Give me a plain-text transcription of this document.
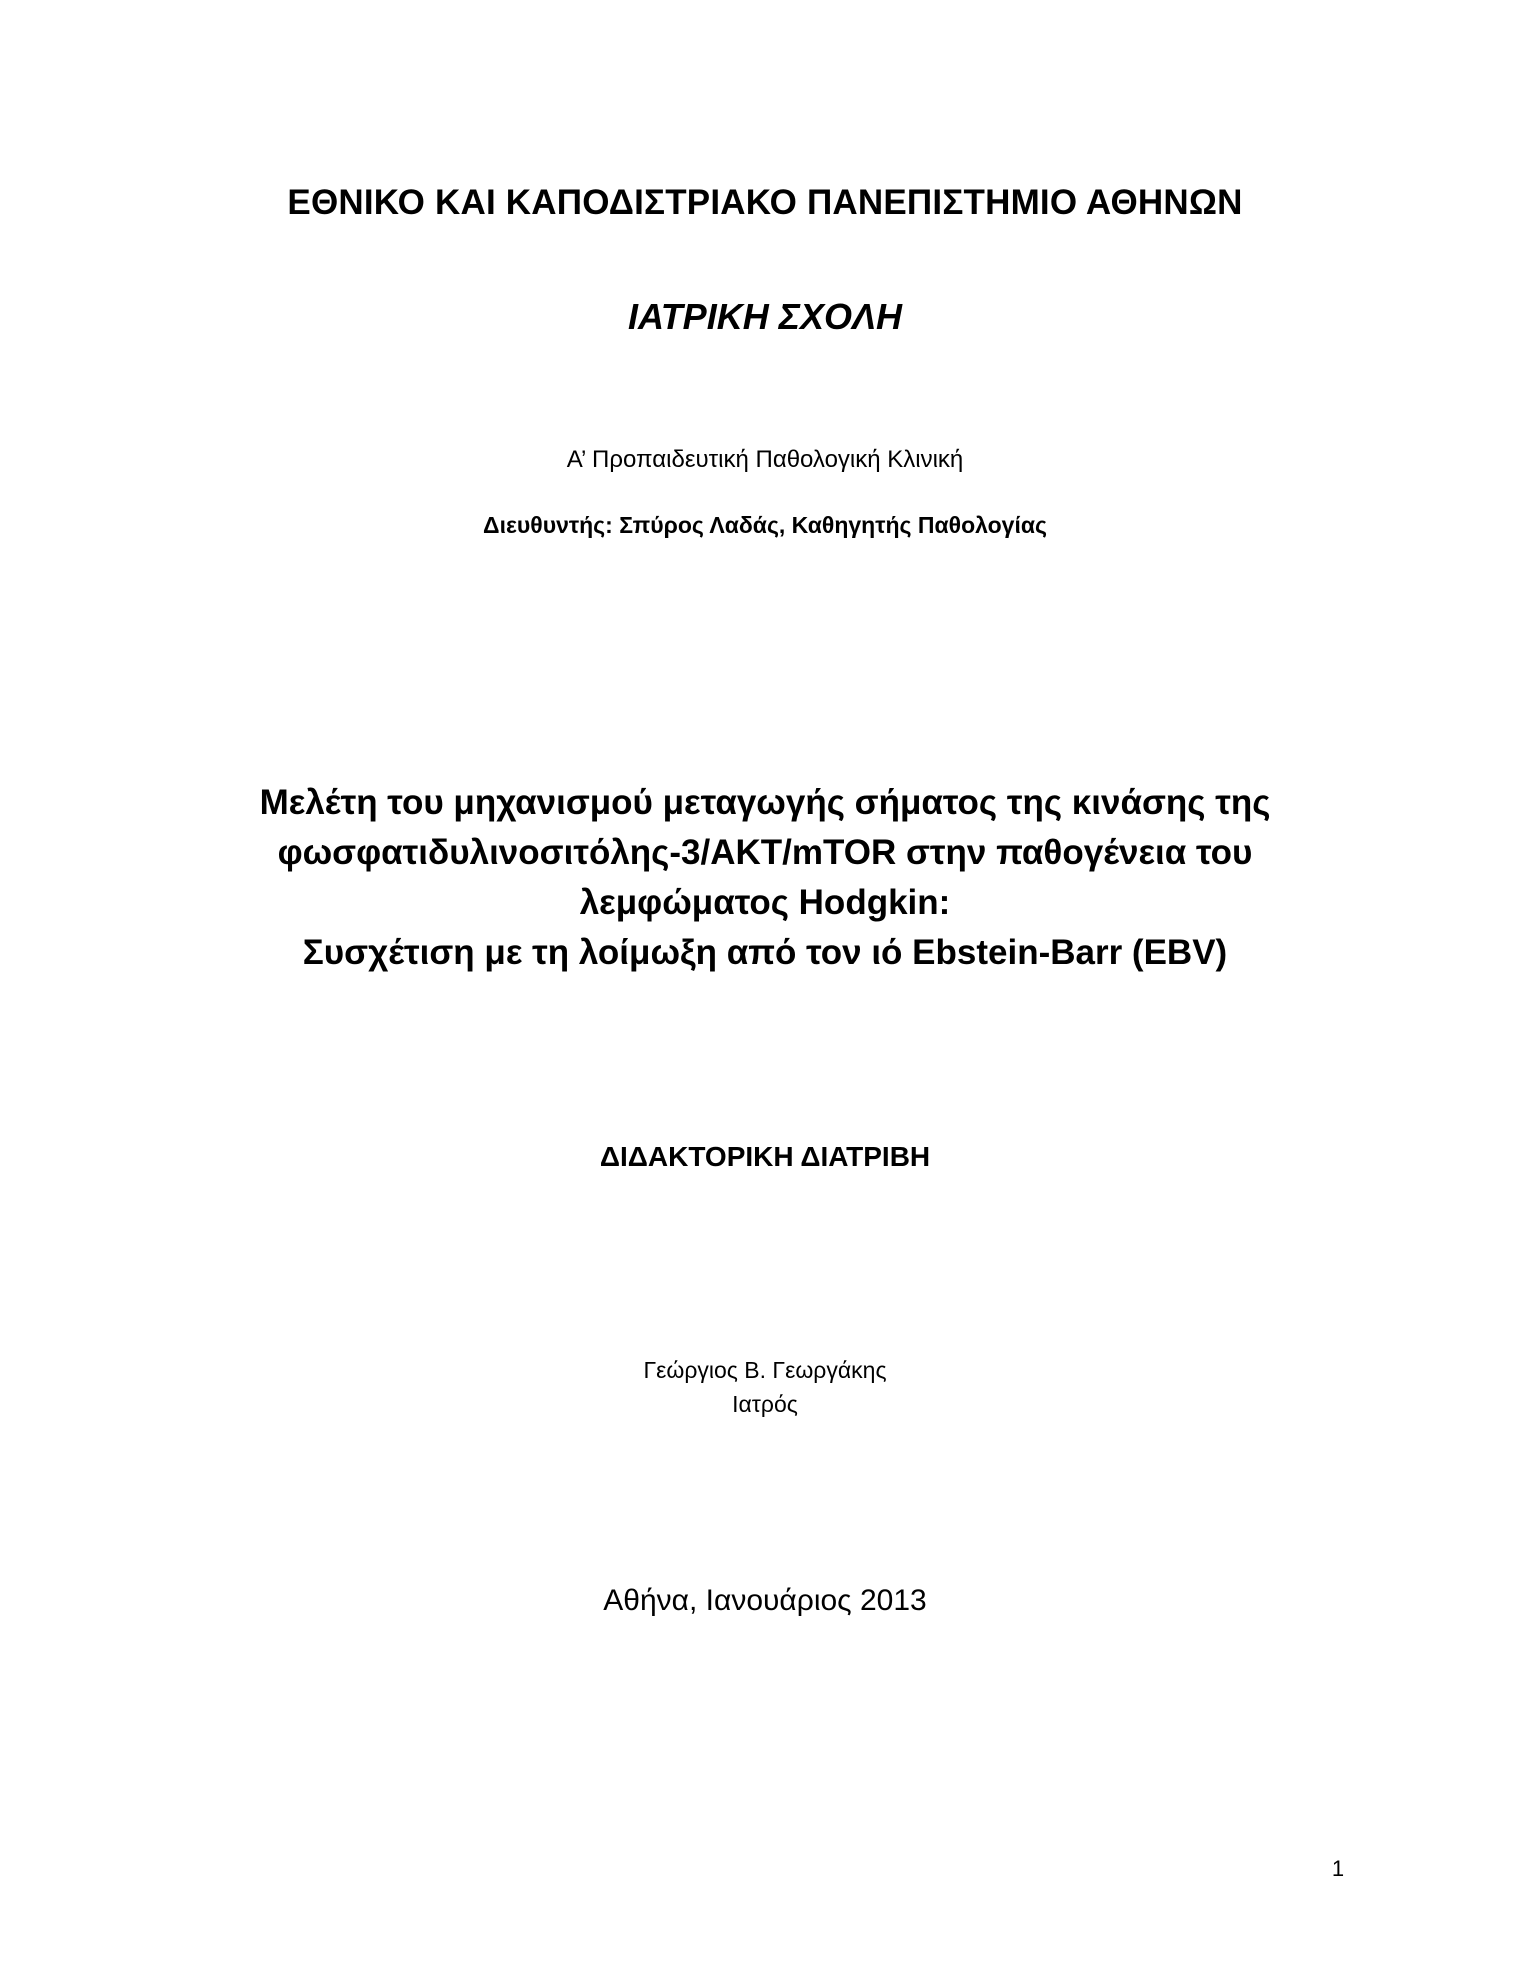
ΕΘΝΙΚΟ ΚΑΙ ΚΑΠΟΔΙΣΤΡΙΑΚΟ ΠΑΝΕΠΙΣΤΗΜΙΟ ΑΘΗΝΩΝ
ΙΑΤΡΙΚΗ ΣΧΟΛΗ
Α’ Προπαιδευτική Παθολογική Κλινική
Διευθυντής: Σπύρος Λαδάς, Καθηγητής Παθολογίας
Μελέτη του μηχανισμού μεταγωγής σήματος της κινάσης της
φωσφατιδυλινοσιτόλης-3/AKT/mTOR στην παθογένεια του
λεμφώματος Hodgkin:
Συσχέτιση με τη λοίμωξη από τον ιό Ebstein-Barr (EBV)
ΔΙΔΑΚΤΟΡΙΚΗ ΔΙΑΤΡΙΒΗ
Γεώργιος Β. Γεωργάκης
Ιατρός
Αθήνα, Ιανουάριος 2013
1
